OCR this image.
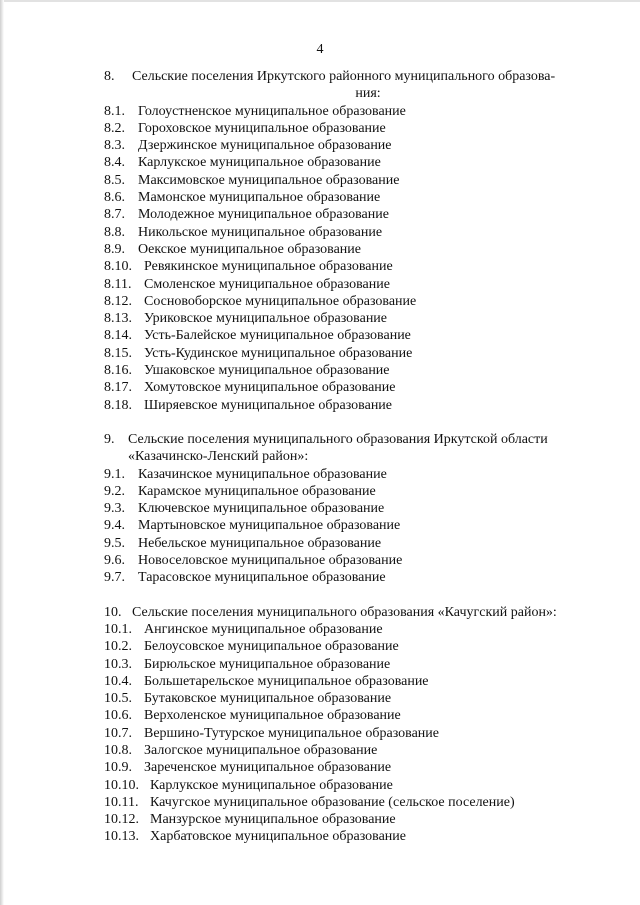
4
8.	Сельские поселения Иркутского районного муниципального образова-
ния:
8.1. Голоустненское муниципальное образование
8.2. Гороховское муниципальное образование
8.3. Дзержинское муниципальное образование
8.4. Карлукское муниципальное образование
8.5. Максимовское муниципальное образование
8.6. Мамонское муниципальное образование
8.7. Молодежное муниципальное образование
8.8. Никольское муниципальное образование
8.9. Оекское муниципальное образование
8.10. Ревякинское муниципальное образование
8.11. Смоленское муниципальное образование
8.12. Сосновоборское муниципальное образование
8.13. Уриковское муниципальное образование
8.14. Усть-Балейское муниципальное образование
8.15. Усть-Кудинское муниципальное образование
8.16. Ушаковское муниципальное образование
8.17. Хомутовское муниципальное образование
8.18. Ширяевское муниципальное образование
9. Сельские поселения муниципального образования Иркутской области
«Казачинско-Ленский район»:
9.1. Казачинское муниципальное образование
9.2. Карамское муниципальное образование
9.3. Ключевское муниципальное образование
9.4. Мартыновское муниципальное образование
9.5. Небельское муниципальное образование
9.6. Новоселовское муниципальное образование
9.7. Тарасовское муниципальное образование
10. Сельские поселения муниципального образования «Качугский район»:
10.1. Ангинское муниципальное образование
10.2. Белоусовское муниципальное образование
10.3. Бирюльское муниципальное образование
10.4. Большетарельское муниципальное образование
10.5. Бутаковское муниципальное образование
10.6. Верхоленское муниципальное образование
10.7. Вершино-Тутурское муниципальное образование
10.8. Залогское муниципальное образование
10.9. Зареченское муниципальное образование
10.10. Карлукское муниципальное образование
10.11. Качугское муниципальное образование (сельское поселение)
10.12. Манзурское муниципальное образование
10.13. Харбатовское муниципальное образование
